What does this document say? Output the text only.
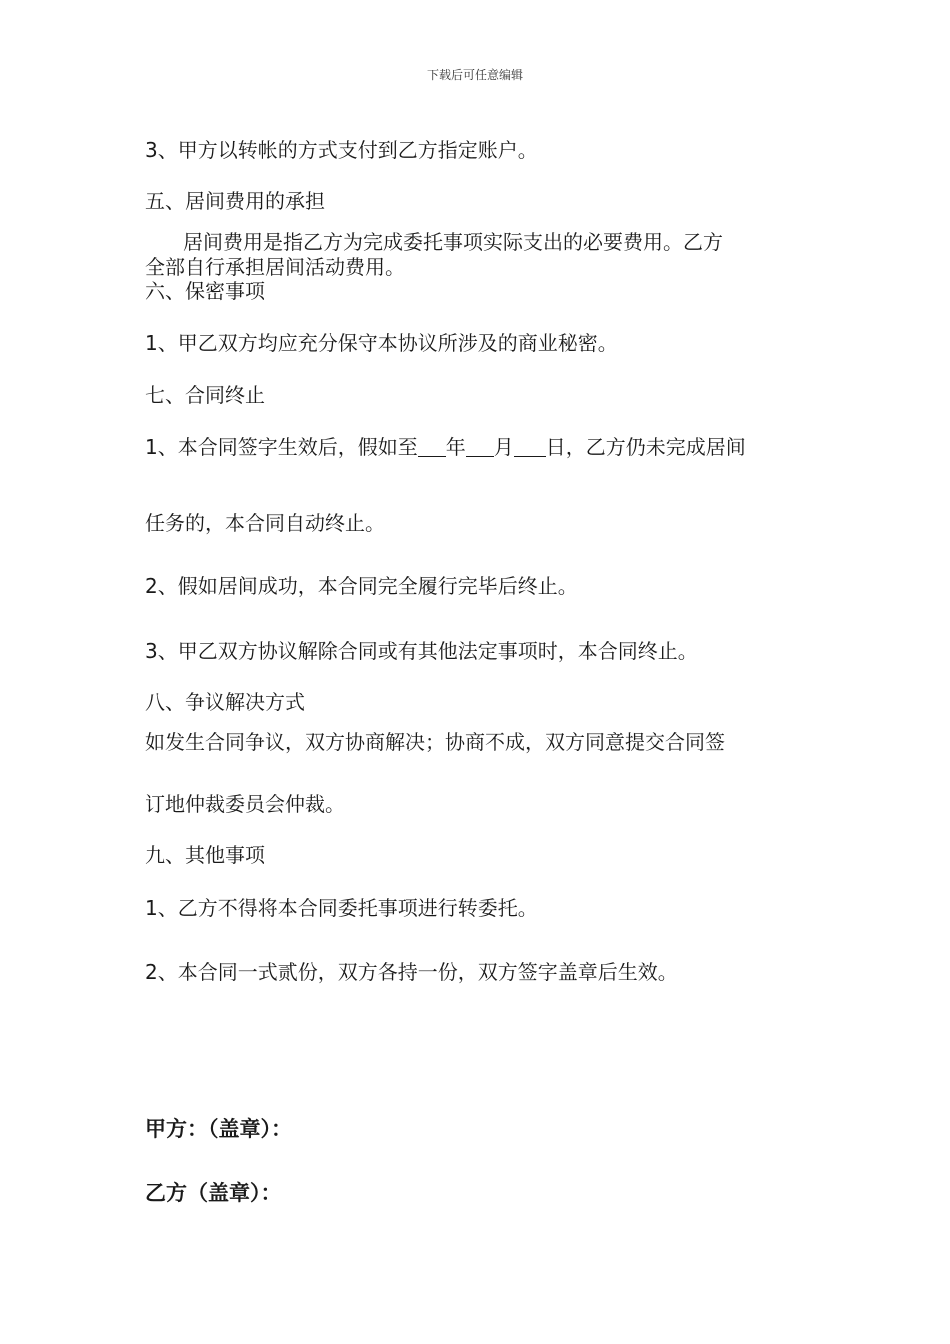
下载后可任意编辑
3、甲方以转帐的方式支付到乙方指定账户。
五、居间费用的承担
居间费用是指乙方为完成委托事项实际支出的必要费用。乙方
全部自行承担居间活动费用。
六、保密事项
1、甲乙双方均应充分保守本协议所涉及的商业秘密。
七、合同终止
1、本合同签字生效后，假如至 年 月 日，乙方仍未完成居间
任务的，本合同自动终止。
2、假如居间成功，本合同完全履行完毕后终止。
3、甲乙双方协议解除合同或有其他法定事项时，本合同终止。
八、争议解决方式
如发生合同争议，双方协商解决；协商不成，双方同意提交合同签
订地仲裁委员会仲裁。
九、其他事项
1、乙方不得将本合同委托事项进行转委托。
2、本合同一式贰份，双方各持一份，双方签字盖章后生效。
甲方：（盖章）：
乙方（盖章）：
